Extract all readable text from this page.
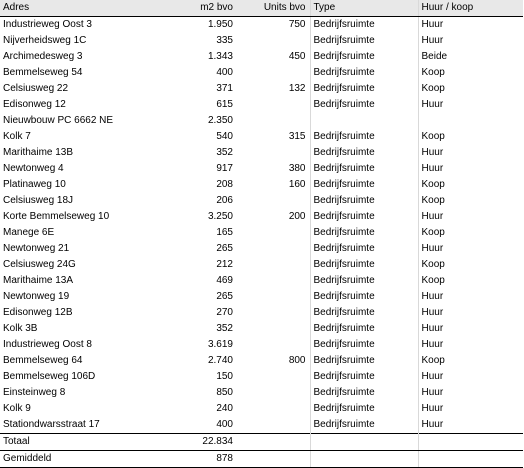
Adres	m2 bvo	Units bvo	Type	Huur / koop
Industrieweg Oost 3	1.950	750	Bedrijfsruimte	Huur
Nijverheidsweg 1C	335		Bedrijfsruimte	Huur
Archimedesweg 3	1.343	450	Bedrijfsruimte	Beide
Bemmelseweg 54	400		Bedrijfsruimte	Koop
Celsiusweg 22	371	132	Bedrijfsruimte	Koop
Edisonweg 12	615		Bedrijfsruimte	Huur
Nieuwbouw PC 6662 NE	2.350			
Kolk 7	540	315	Bedrijfsruimte	Koop
Marithaime 13B	352		Bedrijfsruimte	Huur
Newtonweg 4	917	380	Bedrijfsruimte	Huur
Platinaweg 10	208	160	Bedrijfsruimte	Koop
Celsiusweg 18J	206		Bedrijfsruimte	Koop
Korte Bemmelseweg 10	3.250	200	Bedrijfsruimte	Huur
Manege 6E	165		Bedrijfsruimte	Koop
Newtonweg 21	265		Bedrijfsruimte	Huur
Celsiusweg 24G	212		Bedrijfsruimte	Koop
Marithaime 13A	469		Bedrijfsruimte	Koop
Newtonweg 19	265		Bedrijfsruimte	Huur
Edisonweg 12B	270		Bedrijfsruimte	Huur
Kolk 3B	352		Bedrijfsruimte	Huur
Industrieweg Oost 8	3.619		Bedrijfsruimte	Huur
Bemmelseweg 64	2.740	800	Bedrijfsruimte	Koop
Bemmelseweg 106D	150		Bedrijfsruimte	Huur
Einsteinweg 8	850		Bedrijfsruimte	Huur
Kolk 9	240		Bedrijfsruimte	Huur
Stationdwarsstraat 17	400		Bedrijfsruimte	Huur
Totaal	22.834			
Gemiddeld	878			
